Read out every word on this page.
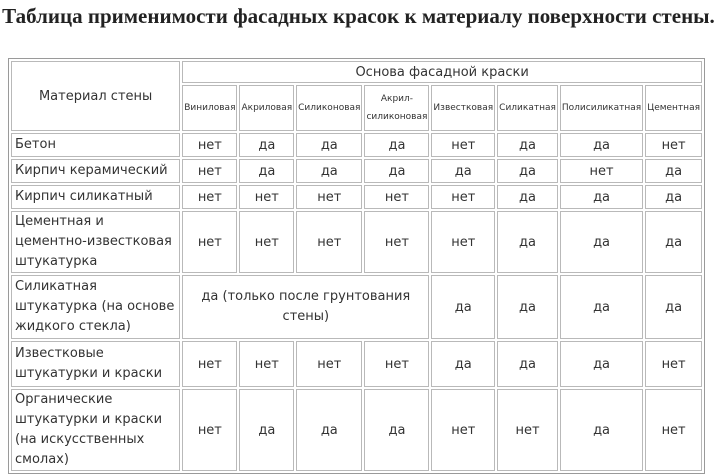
Таблица применимости фасадных красок к материалу поверхности стены.
Материал стены	Основа фасадной краски							
	Виниловая	Акриловая	Силиконовая	Акрил-силиконовая	Известковая	Силикатная	Полисиликатная	Цементная
Бетон	нет	да	да	да	нет	да	да	нет
Кирпич керамический	нет	да	да	да	да	да	нет	да
Кирпич силикатный	нет	нет	нет	нет	нет	да	да	да
Цементная и цементно-известковая штукатурка	нет	нет	нет	нет	нет	да	да	да
Силикатная штукатурка (на основе жидкого стекла)	да (только после грунтования стены)				да	да	да	да
Известковые штукатурки и краски	нет	нет	нет	нет	да	да	да	нет
Органические штукатурки и краски (на искусственных смолах)	нет	да	да	да	нет	нет	да	нет
